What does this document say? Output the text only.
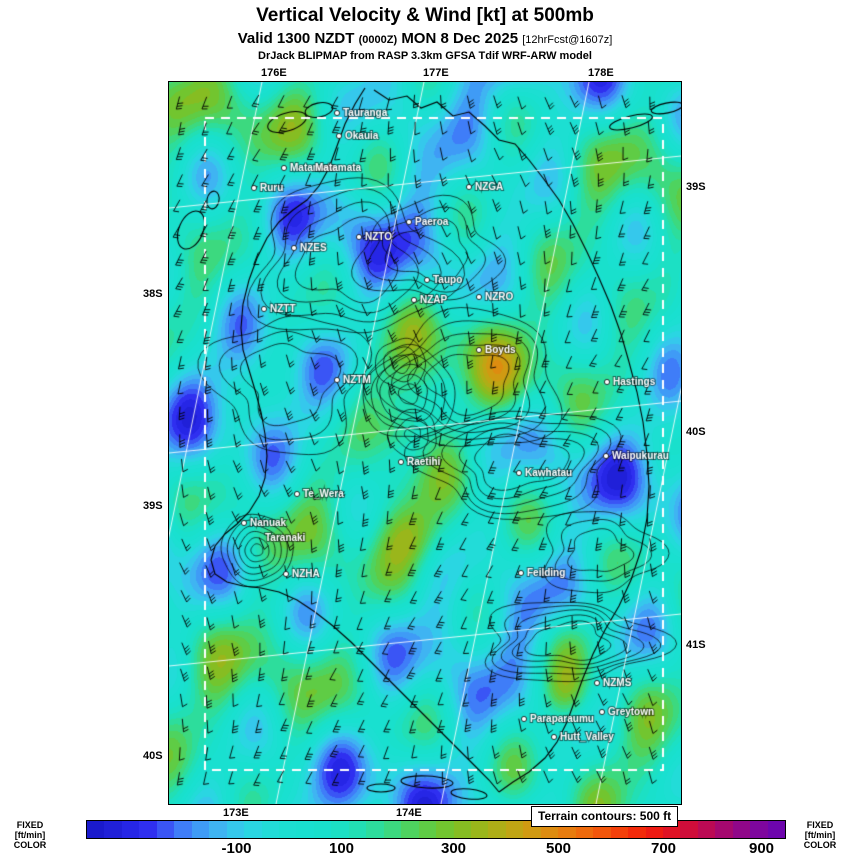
Vertical Velocity & Wind [kt] at 500mb
Valid 1300 NZDT (0000Z) MON 8 Dec 2025 [12hrFcst@1607z]
DrJack BLIPMAP from RASP 3.3km GFSA Tdif WRF-ARW model
176E	177E	178E
173E	174E
38S
39S
40S
39S
40S
41S
Terrain contours: 500 ft
FIXED
[ft/min]
COLOR
FIXED
[ft/min]
COLOR
-100	100	300	500	700	900
